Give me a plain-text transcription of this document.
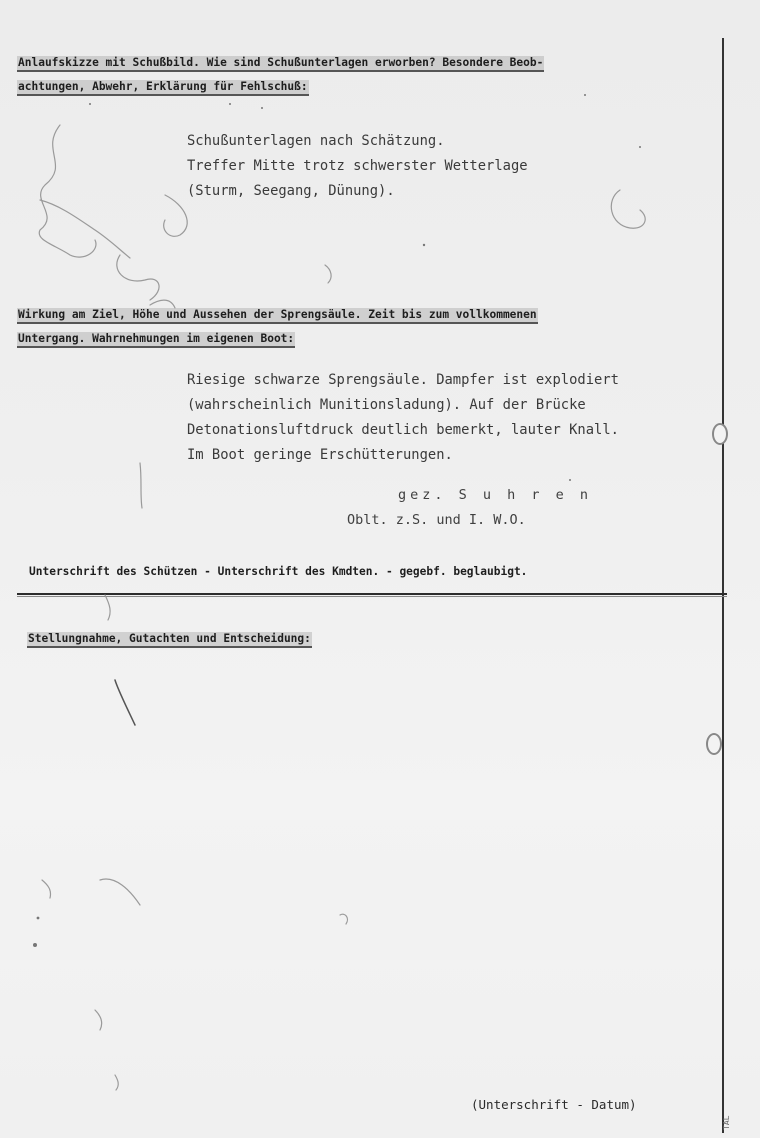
Anlaufskizze mit Schußbild. Wie sind Schußunterlagen erworben? Besondere Beob-
achtungen, Abwehr, Erklärung für Fehlschuß:
Schußunterlagen nach Schätzung.
Treffer Mitte trotz schwerster Wetterlage
(Sturm, Seegang, Dünung).
Wirkung am Ziel, Höhe und Aussehen der Sprengsäule. Zeit bis zum vollkommenen
Untergang. Wahrnehmungen im eigenen Boot:
Riesige schwarze Sprengsäule. Dampfer ist explodiert
(wahrscheinlich Munitionsladung). Auf der Brücke
Detonationsluftdruck deutlich bemerkt, lauter Knall.
Im Boot geringe Erschütterungen.
gez. S u h r e n
Oblt. z.S. und I. W.O.
Unterschrift des Schützen - Unterschrift des Kmdten. - gegebf. beglaubigt.
Stellungnahme, Gutachten und Entscheidung:
(Unterschrift - Datum)
TAL
